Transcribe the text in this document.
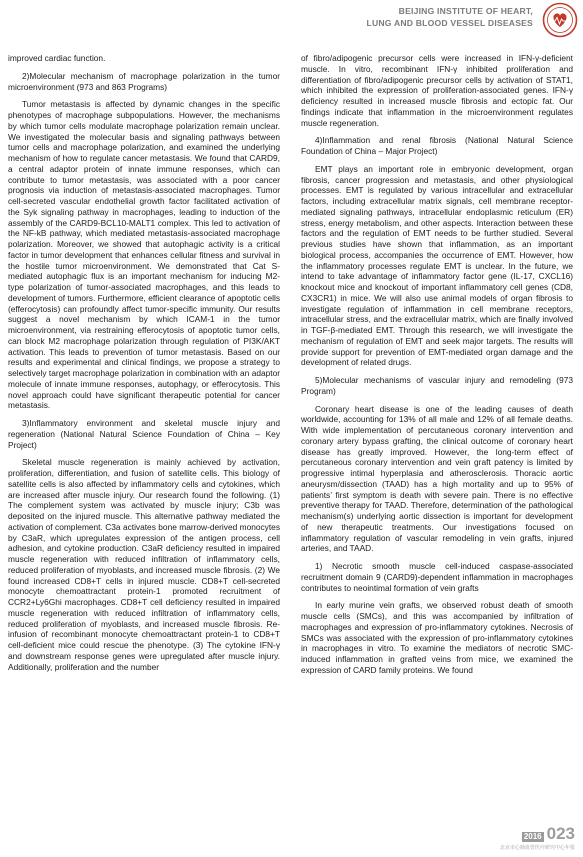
BEIJING INSTITUTE OF HEART,
LUNG AND BLOOD VESSEL DISEASES

improved cardiac function.

2)Molecular mechanism of macrophage polarization in the tumor microenvironment (973 and 863 Programs)

Tumor metastasis is affected by dynamic changes in the specific phenotypes of macrophage subpopulations. However, the mechanisms by which tumor cells modulate macrophage polarization remain unclear. We investigated the molecular basis and signaling pathways between tumor cells and macrophage polarization, and examined the underlying mechanism of how to regulate cancer metastasis. We found that CARD9, a central adaptor protein of innate immune responses, which can contribute to tumor metastasis, was associated with a poor cancer prognosis via induction of metastasis-associated macrophages. Tumor cell-secreted vascular endothelial growth factor facilitated activation of the Syk signaling pathway in macrophages, leading to induction of the assembly of the CARD9-BCL10-MALT1 complex. This led to activation of the NF-kB pathway, which mediated metastasis-associated macrophage polarization. Moreover, we showed that autophagic activity is a critical factor in tumor development that enhances cellular fitness and survival in the hostile tumor microenvironment. We demonstrated that Cat S-mediated autophagic flux is an important mechanism for inducing M2-type polarization of tumor-associated macrophages, and this leads to development of tumors. Furthermore, efficient clearance of apoptotic cells (efferocytosis) can profoundly affect tumor-specific immunity. Our results suggest a novel mechanism by which ICAM-1 in the tumor microenvironment, via restraining efferocytosis of apoptotic tumor cells, can block M2 macrophage polarization through regulation of PI3K/AKT activation. This leads to prevention of tumor metastasis. Based on our results and experimental and clinical findings, we propose a strategy to selectively target macrophage polarization in combination with an adaptor molecule of innate immune responses, autophagy, or efferocytosis. This novel approach could have significant therapeutic potential for cancer metastasis.

3)Inflammatory environment and skeletal muscle injury and regeneration (National Natural Science Foundation of China – Key Project)

Skeletal muscle regeneration is mainly achieved by activation, proliferation, differentiation, and fusion of satellite cells. This biology of satellite cells is also affected by inflammatory cells and cytokines, which are increased after muscle injury. Our research found the following. (1) The complement system was activated by muscle injury; C3b was deposited on the injured muscle. This alternative pathway mediated the activation of complement. C3a activates bone marrow-derived monocytes by C3aR, which upregulates expression of the antigen process, cell adhesion, and cytokine production. C3aR deficiency resulted in impaired muscle regeneration with reduced infiltration of inflammatory cells, reduced proliferation of myoblasts, and increased muscle fibrosis. (2) We found increased CD8+T cells in injured muscle. CD8+T cell-secreted monocyte chemoattractant protein-1 promoted recruitment of CCR2+Ly6Ghi macrophages. CD8+T cell deficiency resulted in impaired muscle regeneration with reduced infiltration of inflammatory cells, reduced proliferation of myoblasts, and increased muscle fibrosis. Re-infusion of recombinant monocyte chemoattractant protein-1 to CD8+T cell-deficient mice could rescue the phenotype. (3) The cytokine IFN-γ and downstream response genes were upregulated after muscle injury. Additionally, proliferation and the number

of fibro/adipogenic precursor cells were increased in IFN-γ-deficient muscle. In vitro, recombinant IFN-γ inhibited proliferation and differentiation of fibro/adipogenic precursor cells by activation of STAT1, which inhibited the expression of proliferation-associated genes. IFN-γ deficiency resulted in increased muscle fibrosis and ectopic fat. Our findings indicate that inflammation in the microenvironment regulates muscle regeneration.

4)Inflammation and renal fibrosis (National Natural Science Foundation of China – Major Project)

EMT plays an important role in embryonic development, organ fibrosis, cancer progression and metastasis, and other physiological processes. EMT is regulated by various intracellular and extracellular factors, including extracellular matrix signals, cell membrane receptor-mediated signaling pathways, intracellular endoplasmic reticulum (ER) stress, energy metabolism, and other aspects. Interaction between these factors and the regulation of EMT needs to be further studied. Several previous studies have shown that inflammation, as an important biological process, accompanies the occurrence of EMT. However, how the inflammatory processes regulate EMT is unclear. In the future, we intend to take advantage of inflammatory factor gene (IL-17, CXCL16) knockout mice and knockout of important inflammatory cell genes (CD8, CX3CR1) in mice. We will also use animal models of organ fibrosis to investigate regulation of inflammation in cell membrane receptors, intracellular stress, and the extracellular matrix, which are finally involved in TGF-β-mediated EMT. Through this research, we will investigate the mechanism of regulation of EMT and seek major targets. The results will provide support for prevention of EMT-mediated organ damage and the development of related drugs.

5)Molecular mechanisms of vascular injury and remodeling (973 Program)

Coronary heart disease is one of the leading causes of death worldwide, accounting for 13% of all male and 12% of all female deaths. With wide implementation of percutaneous coronary intervention and coronary artery bypass grafting, the clinical outcome of coronary heart disease has greatly improved. However, the long-term effect of percutaneous coronary intervention and vein graft patency is limited by progressive intimal hyperplasia and atherosclerosis. Thoracic aortic aneurysm/dissection (TAAD) has a high mortality and up to 95% of patients’ first symptom is death with severe pain. There is no effective preventive therapy for TAAD. Therefore, determination of the pathological mechanism(s) underlying aortic dissection is important for development of new therapeutic treatments. Our investigations focused on inflammatory regulation of vascular remodeling in vein grafts, injured arteries, and TAAD.

1) Necrotic smooth muscle cell-induced caspase-associated recruitment domain 9 (CARD9)-dependent inflammation in macrophages contributes to neointimal formation of vein grafts

In early murine vein grafts, we observed robust death of smooth muscle cells (SMCs), and this was accompanied by infiltration of macrophages and expression of pro-inflammatory cytokines. Necrosis of SMCs was associated with the expression of pro-inflammatory cytokines in macrophages in vitro. To examine the mediators of necrotic SMC-induced inflammation in grafted veins from mice, we examined the expression of CARD family proteins. We found

2016 023
北京市心肺血管医疗研究中心年报
